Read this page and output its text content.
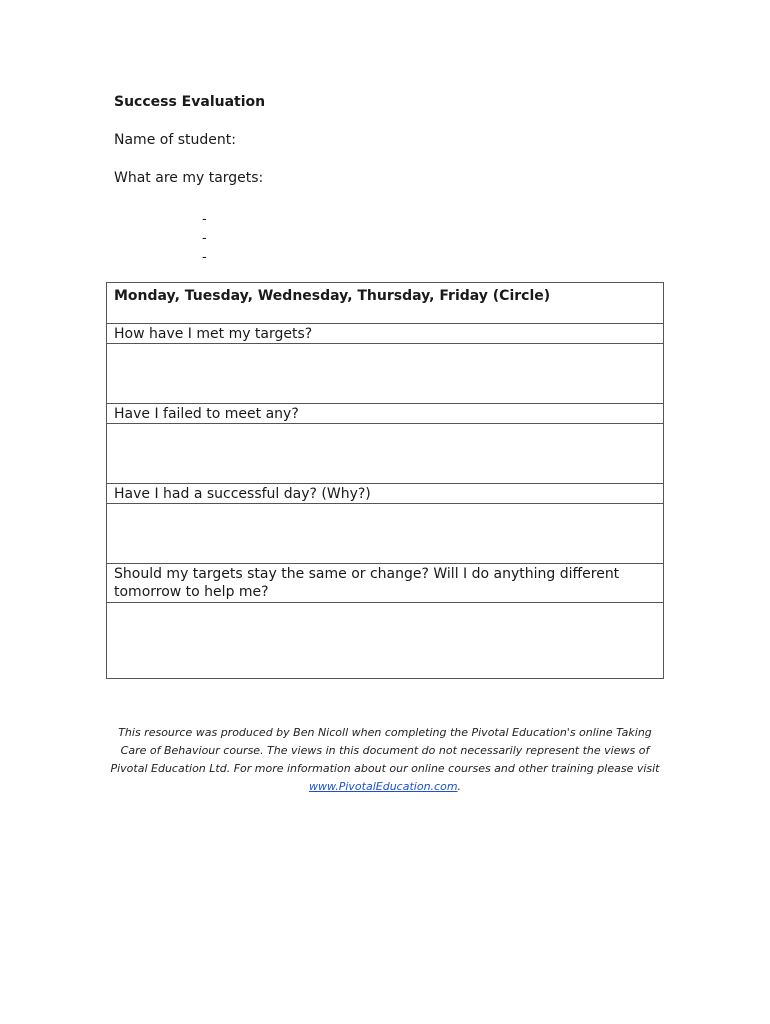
Success Evaluation
Name of student:
What are my targets:
-
-
-
Monday, Tuesday, Wednesday, Thursday, Friday (Circle)
How have I met my targets?
Have I failed to meet any?
Have I had a successful day? (Why?)
Should my targets stay the same or change? Will I do anything different tomorrow to help me?
This resource was produced by Ben Nicoll when completing the Pivotal Education's online Taking Care of Behaviour course. The views in this document do not necessarily represent the views of Pivotal Education Ltd. For more information about our online courses and other training please visit www.PivotalEducation.com.
